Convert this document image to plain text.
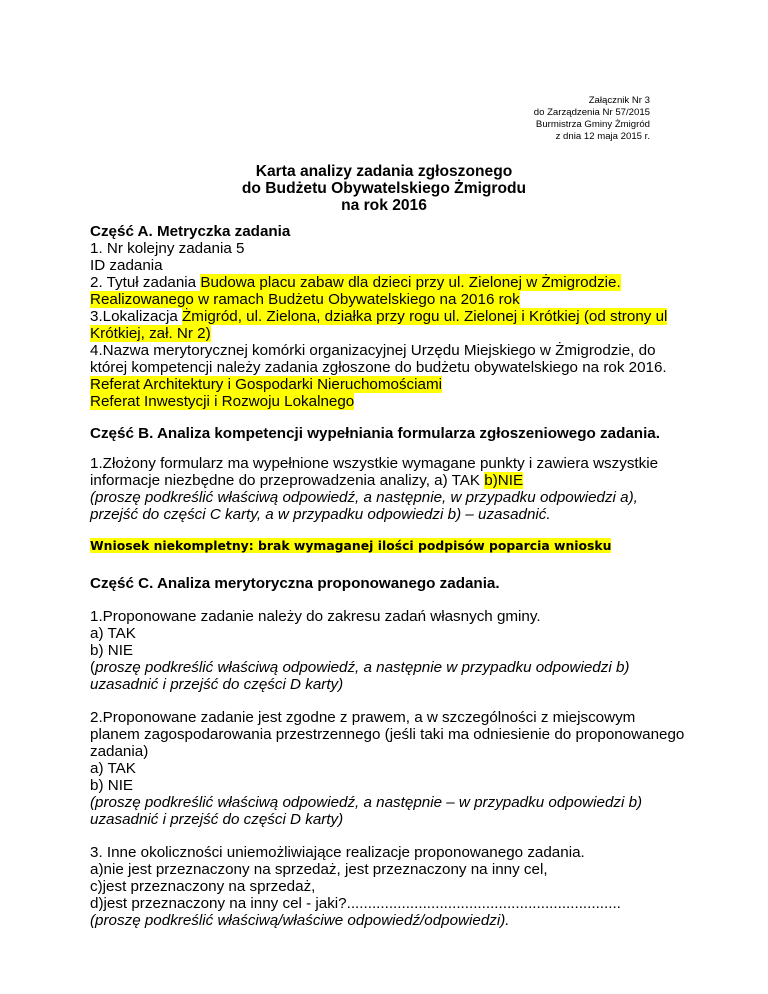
Załącznik Nr 3
do Zarządzenia Nr 57/2015
Burmistrza Gminy Żmigród
z dnia 12 maja 2015 r.
Karta analizy zadania zgłoszonego
do Budżetu Obywatelskiego Żmigrodu
na rok 2016
Część A. Metryczka zadania
1. Nr kolejny zadania 5
ID zadania
2. Tytuł zadania Budowa placu zabaw dla dzieci przy ul. Zielonej w Żmigrodzie.
Realizowanego w ramach Budżetu Obywatelskiego na 2016 rok
3.Lokalizacja Żmigród, ul. Zielona, działka przy rogu ul. Zielonej i Krótkiej (od strony ul
Krótkiej, zał. Nr 2)
4.Nazwa merytorycznej komórki organizacyjnej Urzędu Miejskiego w Żmigrodzie, do
której kompetencji należy zadania zgłoszone do budżetu obywatelskiego na rok 2016.
Referat Architektury i Gospodarki Nieruchomościami
Referat Inwestycji i Rozwoju Lokalnego
Część B. Analiza kompetencji wypełniania formularza zgłoszeniowego zadania.
1.Złożony formularz ma wypełnione wszystkie wymagane punkty i zawiera wszystkie
informacje niezbędne do przeprowadzenia analizy, a) TAK b)NIE
(proszę podkreślić właściwą odpowiedź, a następnie, w przypadku odpowiedzi a),
przejść do części C karty, a w przypadku odpowiedzi b) – uzasadnić.
Wniosek niekompletny: brak wymaganej ilości podpisów poparcia wniosku
Część C. Analiza merytoryczna proponowanego zadania.
1.Proponowane zadanie należy do zakresu zadań własnych gminy.
a) TAK
b) NIE
(proszę podkreślić właściwą odpowiedź, a następnie w przypadku odpowiedzi b)
uzasadnić i przejść do części D karty)
2.Proponowane zadanie jest zgodne z prawem, a w szczególności z miejscowym
planem zagospodarowania przestrzennego (jeśli taki ma odniesienie do proponowanego
zadania)
a) TAK
b) NIE
(proszę podkreślić właściwą odpowiedź, a następnie – w przypadku odpowiedzi b)
uzasadnić i przejść do części D karty)
3. Inne okoliczności uniemożliwiające realizacje proponowanego zadania.
a)nie jest przeznaczony na sprzedaż, jest przeznaczony na inny cel,
c)jest przeznaczony na sprzedaż,
d)jest przeznaczony na inny cel - jaki?.................................................................
(proszę podkreślić właściwą/właściwe odpowiedź/odpowiedzi).
